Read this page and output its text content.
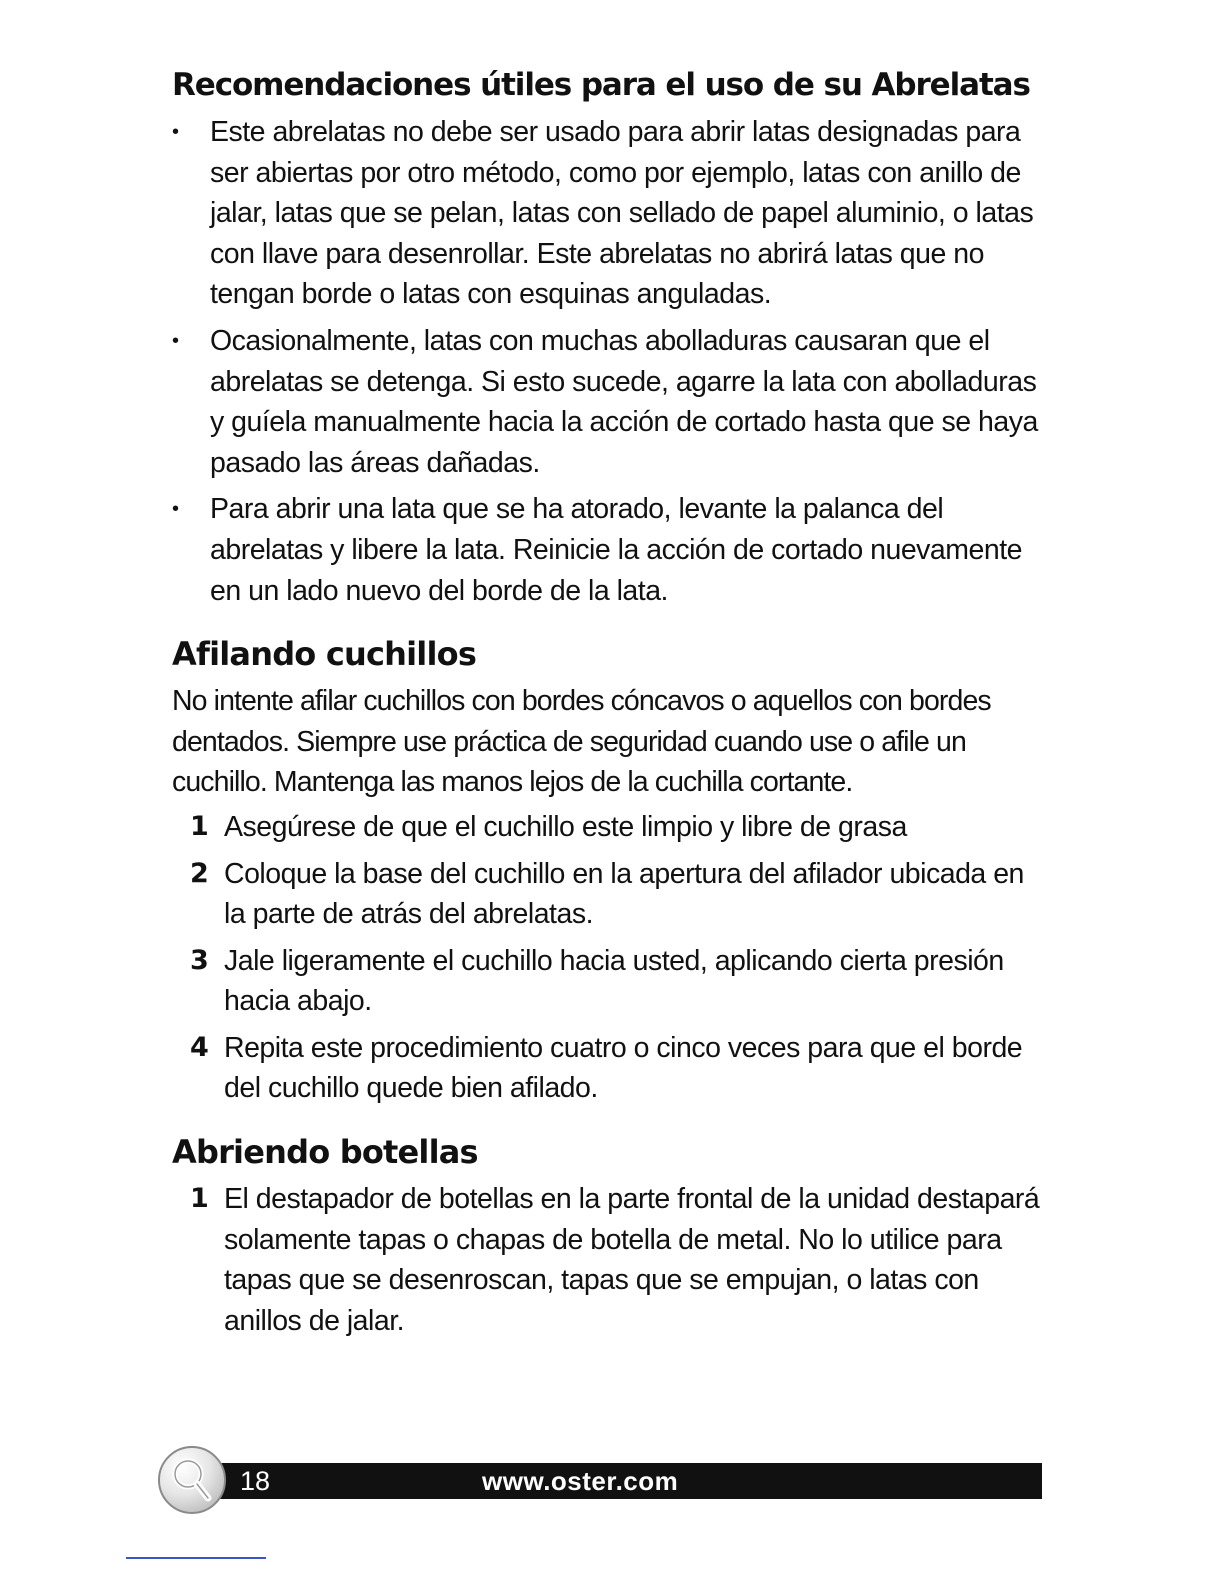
Recomendaciones útiles para el uso de su Abrelatas
• Este abrelatas no debe ser usado para abrir latas designadas para ser abiertas por otro método, como por ejemplo, latas con anillo de jalar, latas que se pelan, latas con sellado de papel aluminio, o latas con llave para desenrollar. Este abrelatas no abrirá latas que no tengan borde o latas con esquinas anguladas.
• Ocasionalmente, latas con muchas abolladuras causaran que el abrelatas se detenga. Si esto sucede, agarre la lata con abolladuras y guíela manualmente hacia la acción de cortado hasta que se haya pasado las áreas dañadas.
• Para abrir una lata que se ha atorado, levante la palanca del abrelatas y libere la lata. Reinicie la acción de cortado nuevamente en un lado nuevo del borde de la lata.
Afilando cuchillos

No intente afilar cuchillos con bordes cóncavos o aquellos con bordes dentados. Siempre use práctica de seguridad cuando use o afile un cuchillo. Mantenga las manos lejos de la cuchilla cortante.

1 Asegúrese de que el cuchillo este limpio y libre de grasa
2 Coloque la base del cuchillo en la apertura del afilador ubicada en la parte de atrás del abrelatas.
3 Jale ligeramente el cuchillo hacia usted, aplicando cierta presión hacia abajo.
4 Repita este procedimiento cuatro o cinco veces para que el borde del cuchillo quede bien afilado.
Abriendo botellas
1 El destapador de botellas en la parte frontal de la unidad destapará solamente tapas o chapas de botella de metal. No lo utilice para tapas que se desenroscan, tapas que se empujan, o latas con anillos de jalar.
18	www.oster.com
